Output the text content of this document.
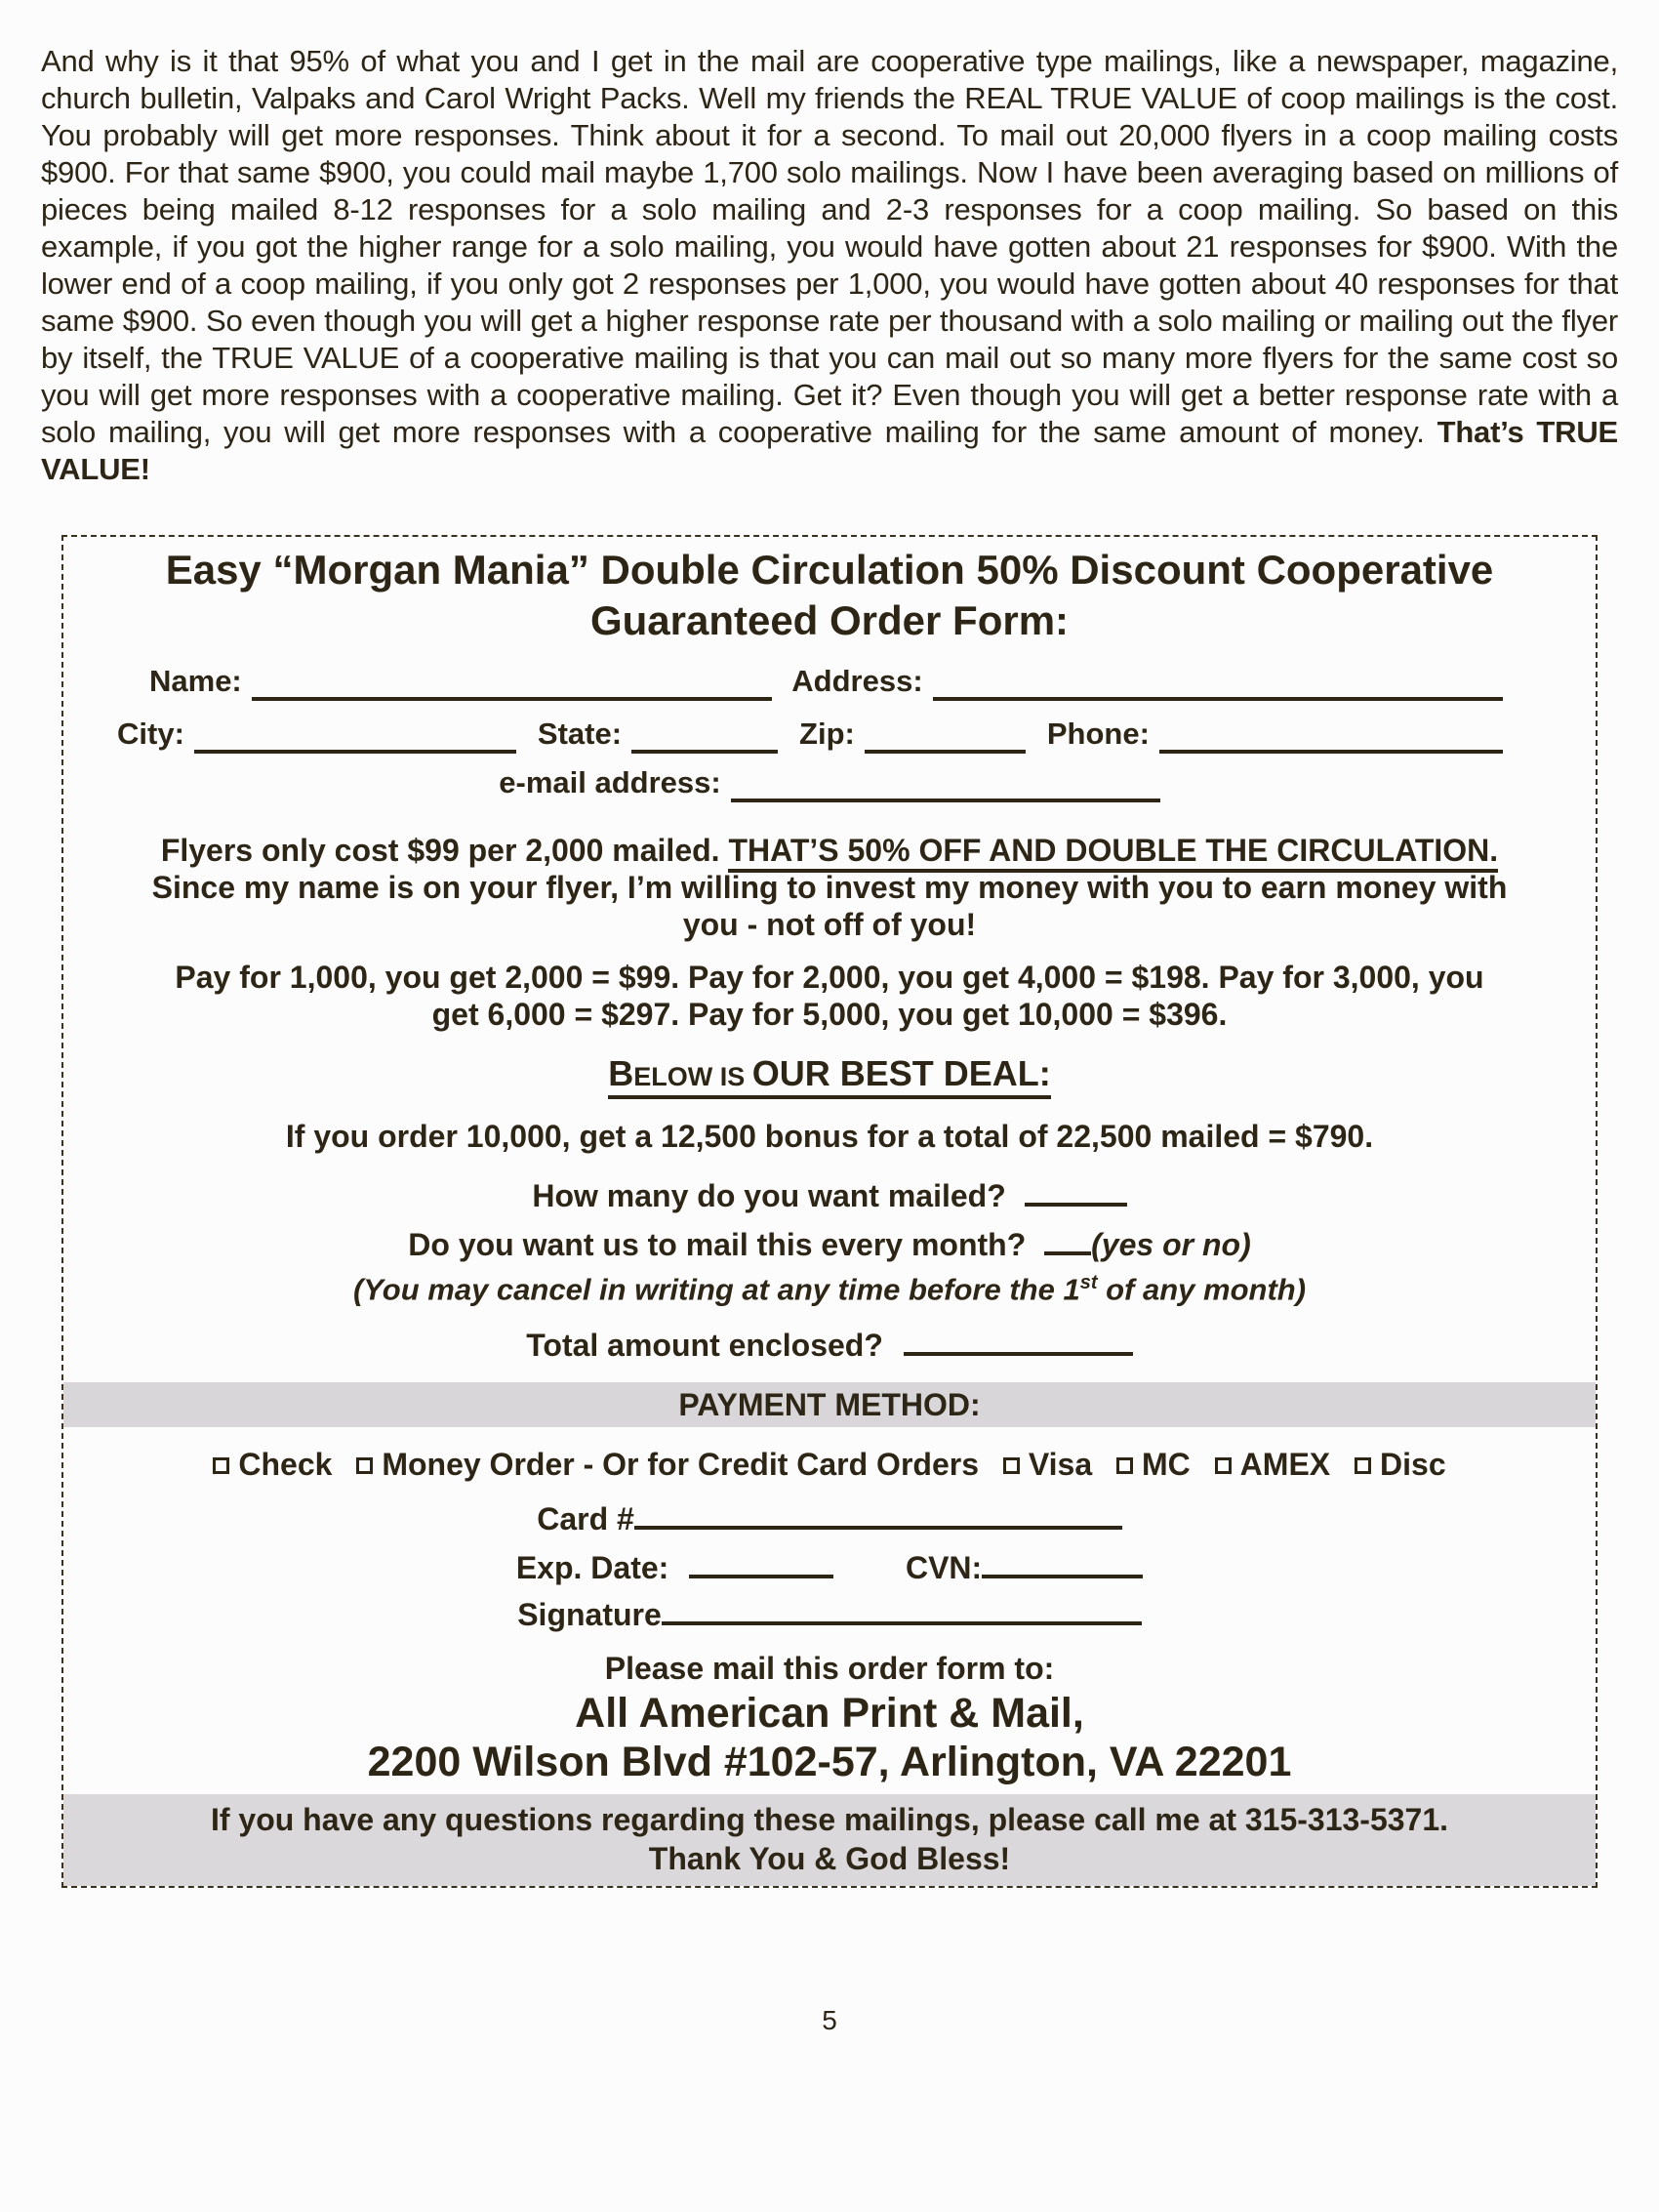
And why is it that 95% of what you and I get in the mail are cooperative type mailings, like a newspaper, magazine, church bulletin, Valpaks and Carol Wright Packs. Well my friends the REAL TRUE VALUE of coop mailings is the cost. You probably will get more responses. Think about it for a second. To mail out 20,000 flyers in a coop mailing costs $900. For that same $900, you could mail maybe 1,700 solo mailings. Now I have been averaging based on millions of pieces being mailed 8-12 responses for a solo mailing and 2-3 responses for a coop mailing. So based on this example, if you got the higher range for a solo mailing, you would have gotten about 21 responses for $900. With the lower end of a coop mailing, if you only got 2 responses per 1,000, you would have gotten about 40 responses for that same $900. So even though you will get a higher response rate per thousand with a solo mailing or mailing out the flyer by itself, the TRUE VALUE of a cooperative mailing is that you can mail out so many more flyers for the same cost so you will get more responses with a cooperative mailing. Get it? Even though you will get a better response rate with a solo mailing, you will get more responses with a cooperative mailing for the same amount of money. That’s TRUE VALUE!

Easy “Morgan Mania” Double Circulation 50% Discount Cooperative
Guaranteed Order Form:
Name:	Address:
City:	State:	Zip:	Phone:
e-mail address:
Flyers only cost $99 per 2,000 mailed. THAT’S 50% OFF AND DOUBLE THE CIRCULATION.
Since my name is on your flyer, I’m willing to invest my money with you to earn money with you - not off of you!
Pay for 1,000, you get 2,000 = $99. Pay for 2,000, you get 4,000 = $198. Pay for 3,000, you get 6,000 = $297. Pay for 5,000, you get 10,000 = $396.
BELOW IS OUR BEST DEAL:
If you order 10,000, get a 12,500 bonus for a total of 22,500 mailed = $790.
How many do you want mailed?
Do you want us to mail this every month? (yes or no)
(You may cancel in writing at any time before the 1st of any month)
Total amount enclosed?
PAYMENT METHOD:
Check Money Order - Or for Credit Card Orders Visa MC AMEX Disc
Card #
Exp. Date:	CVN:
Signature
Please mail this order form to:
All American Print & Mail,
2200 Wilson Blvd #102-57, Arlington, VA 22201
If you have any questions regarding these mailings, please call me at 315-313-5371.
Thank You & God Bless!
5
